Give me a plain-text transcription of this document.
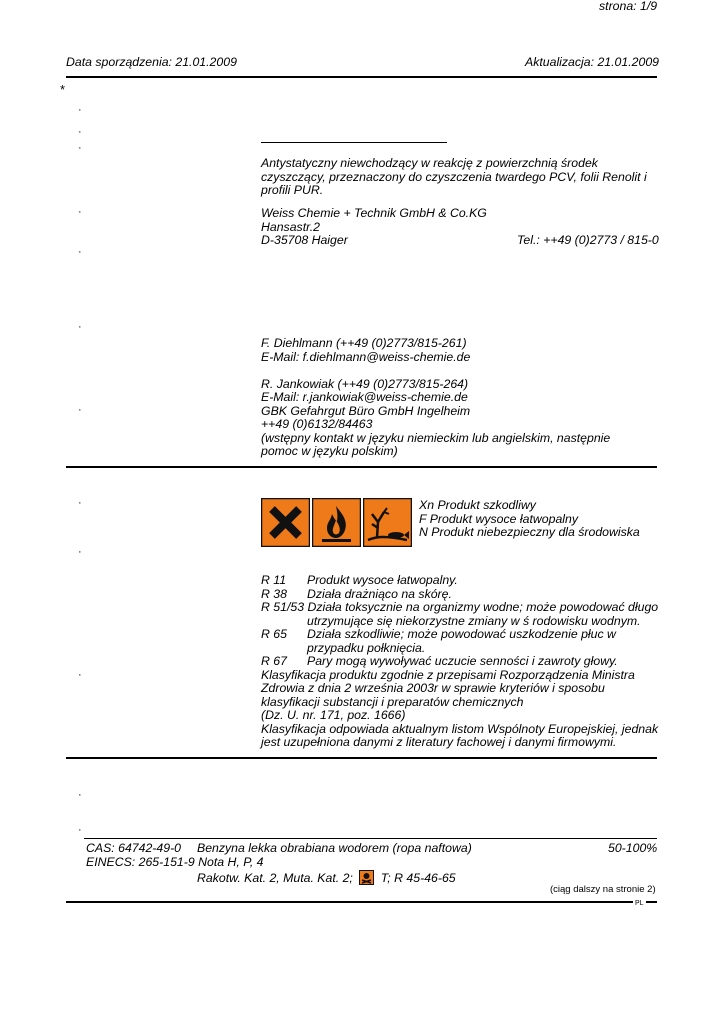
strona: 1/9
Data sporządzenia: 21.01.2009	Aktualizacja: 21.01.2009
*
·
·
·
Antystatyczny niewchodzący w reakcję z powierzchnią środek
czyszczący, przeznaczony do czyszczenia twardego PCV, folii Renolit i
profili PUR.
·	Weiss Chemie + Technik GmbH & Co.KG
Hansastr.2
D-35708 Haiger	Tel.: ++49 (0)2773 / 815-0
·
·
F. Diehlmann (++49 (0)2773/815-261)
E-Mail: f.diehlmann@weiss-chemie.de
R. Jankowiak (++49 (0)2773/815-264)
E-Mail: r.jankowiak@weiss-chemie.de
GBK Gefahrgut Büro GmbH Ingelheim
++49 (0)6132/84463
(wstępny kontakt w języku niemieckim lub angielskim, następnie
pomoc w języku polskim)
·
·
·
Xn Produkt szkodliwy
F Produkt wysoce łatwopalny
N Produkt niebezpieczny dla środowiska
R 11 Produkt wysoce łatwopalny.
R 38 Działa drażniąco na skórę.
R 51/53 Działa toksycznie na organizmy wodne; może powodować długo
utrzymujące się niekorzystne zmiany w ś rodowisku wodnym.
R 65 Działa szkodliwie; może powodować uszkodzenie płuc w
przypadku połknięcia.
R 67 Pary mogą wywoływać uczucie senności i zawroty głowy.
Klasyfikacja produktu zgodnie z przepisami Rozporządzenia Ministra
Zdrowia z dnia 2 września 2003r w sprawie kryteriów i sposobu
klasyfikacji substancji i preparatów chemicznych
(Dz. U. nr. 171, poz. 1666)
Klasyfikacja odpowiada aktualnym listom Wspólnoty Europejskiej, jednak
jest uzupełniona danymi z literatury fachowej i danymi firmowymi.
·
·
·
CAS: 64742-49-0 Benzyna lekka obrabiana wodorem (ropa naftowa)	50-100%
EINECS: 265-151-9 Nota H, P, 4
Rakotw. Kat. 2, Muta. Kat. 2; T; R 45-46-65
(ciąg dalszy na stronie 2)
PL
